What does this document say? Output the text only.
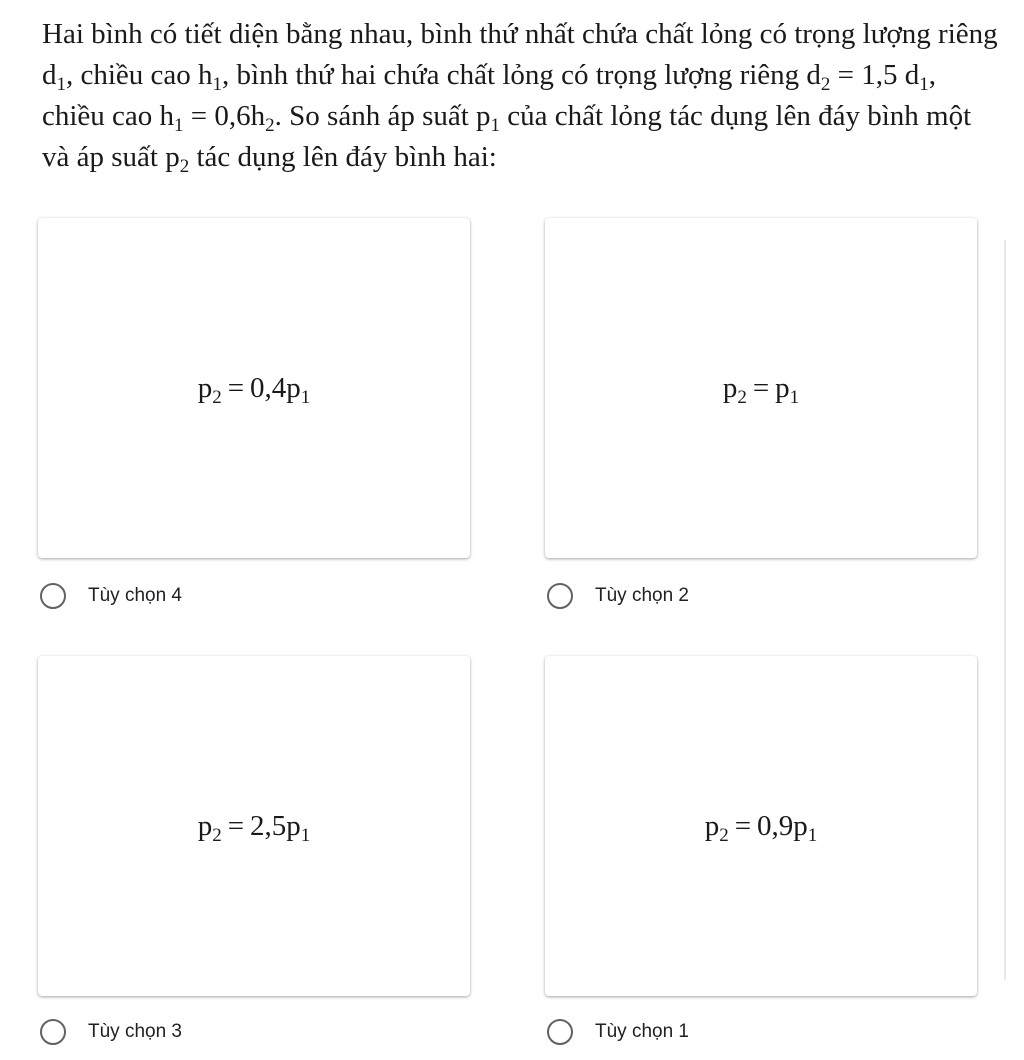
Hai bình có tiết diện bằng nhau, bình thứ nhất chứa chất lỏng có trọng lượng riêng $d_1$, chiều cao $h_1$, bình thứ hai chứa chất lỏng có trọng lượng riêng $d_2 = 1,5$ $d_1$, chiều cao $h_1 = 0,6h_2$. So sánh áp suất $p_1$ của chất lỏng tác dụng lên đáy bình một và áp suất $p_2$ tác dụng lên đáy bình hai:
$p_2 = 0,4p_1$
Tùy chọn 4
$p_2 = p_1$
Tùy chọn 2
$p_2 = 2,5p_1$
Tùy chọn 3
$p_2 = 0,9p_1$
Tùy chọn 1
